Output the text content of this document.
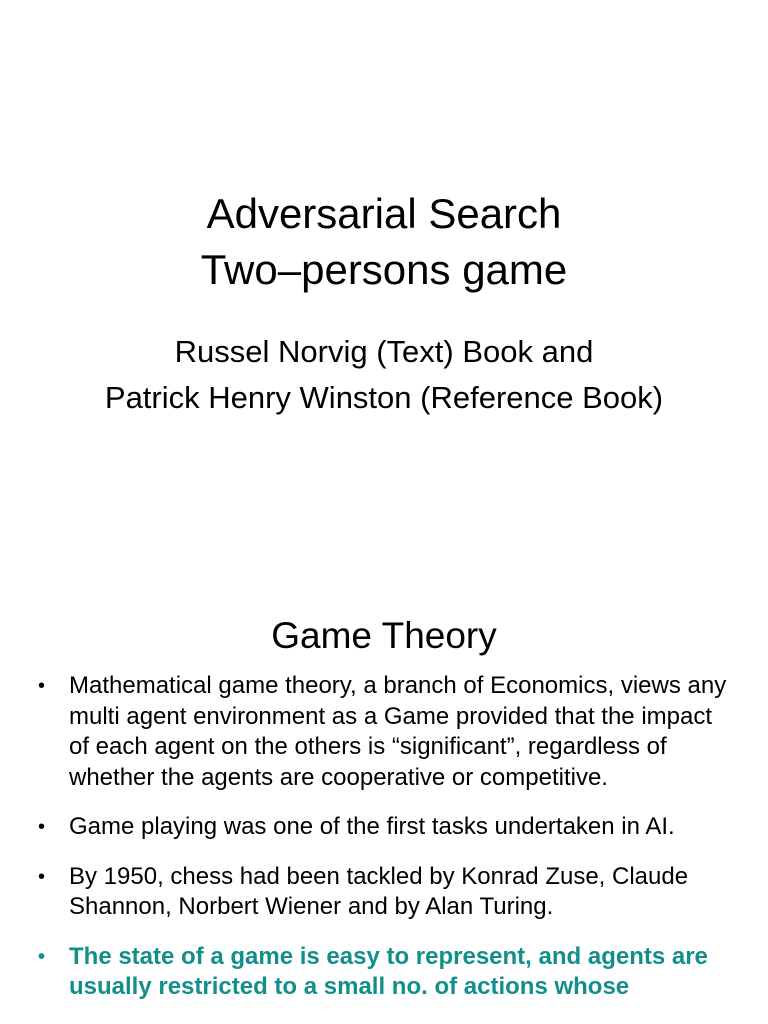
Adversarial Search
Two–persons game
Russel Norvig (Text) Book and
Patrick Henry Winston (Reference Book)
Game Theory
• Mathematical game theory, a branch of Economics, views any multi agent environment as a Game provided that the impact of each agent on the others is “significant”, regardless of whether the agents are cooperative or competitive.
• Game playing was one of the first tasks undertaken in AI.
• By 1950, chess had been tackled by Konrad Zuse, Claude Shannon, Norbert Wiener and by Alan Turing.
• The state of a game is easy to represent, and agents are usually restricted to a small no. of actions whose
